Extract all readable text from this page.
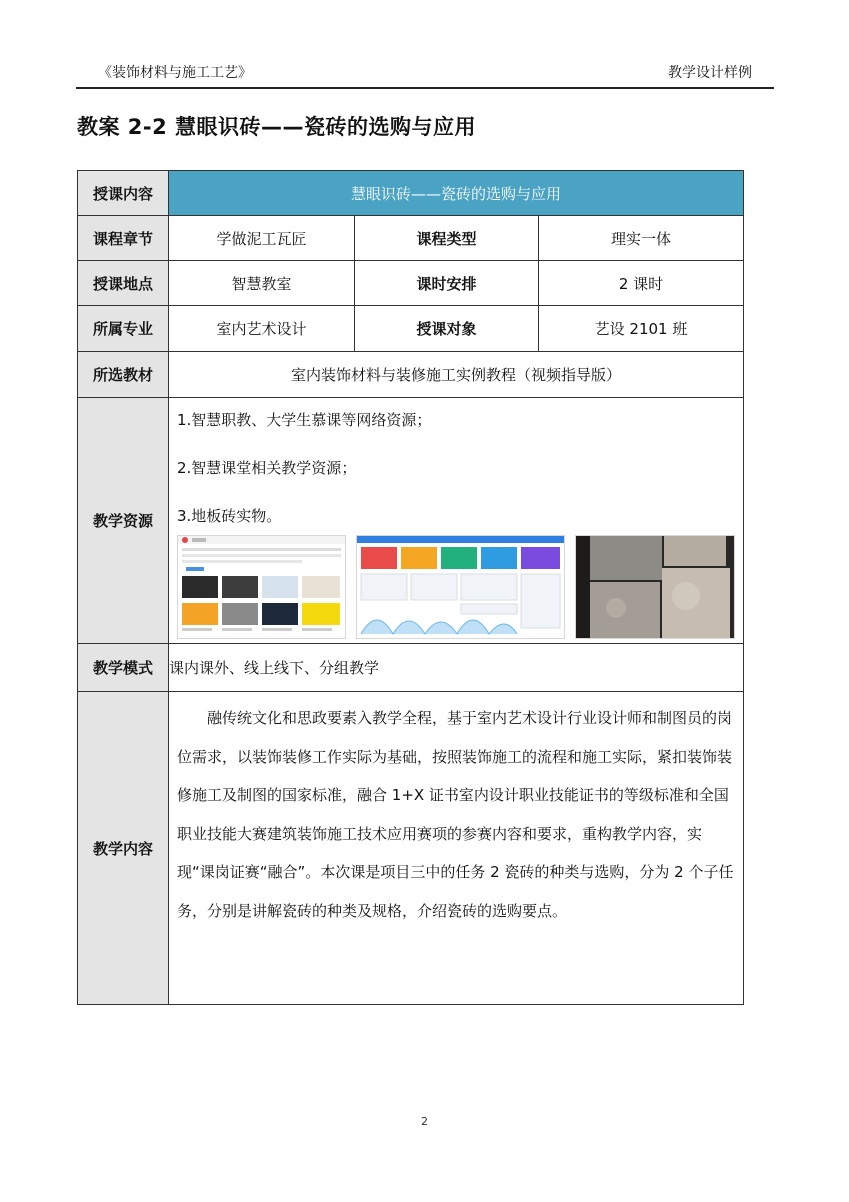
《装饰材料与施工工艺》	教学设计样例
教案 2-2 慧眼识砖——瓷砖的选购与应用
授课内容	慧眼识砖——瓷砖的选购与应用		
课程章节	学做泥工瓦匠	课程类型	理实一体
授课地点	智慧教室	课时安排	2 课时
所属专业	室内艺术设计	授课对象	艺设 2101 班
所选教材	室内装饰材料与装修施工实例教程（视频指导版）		
教学资源	1.智慧职教、大学生慕课等网络资源；

2.智慧课堂相关教学资源；

3.地板砖实物。		

教学模式	课内课外、线上线下、分组教学		
教学内容	融传统文化和思政要素入教学全程，基于室内艺术设计行业设计师和制图员的岗位需求，以装饰装修工作实际为基础，按照装饰施工的流程和施工实际，紧扣装饰装修施工及制图的国家标准，融合 1+X 证书室内设计职业技能证书的等级标准和全国职业技能大赛建筑装饰施工技术应用赛项的参赛内容和要求，重构教学内容，实现“课岗证赛“融合”。本次课是项目三中的任务 2 瓷砖的种类与选购，分为 2 个子任务，分别是讲解瓷砖的种类及规格，介绍瓷砖的选购要点。		

2
